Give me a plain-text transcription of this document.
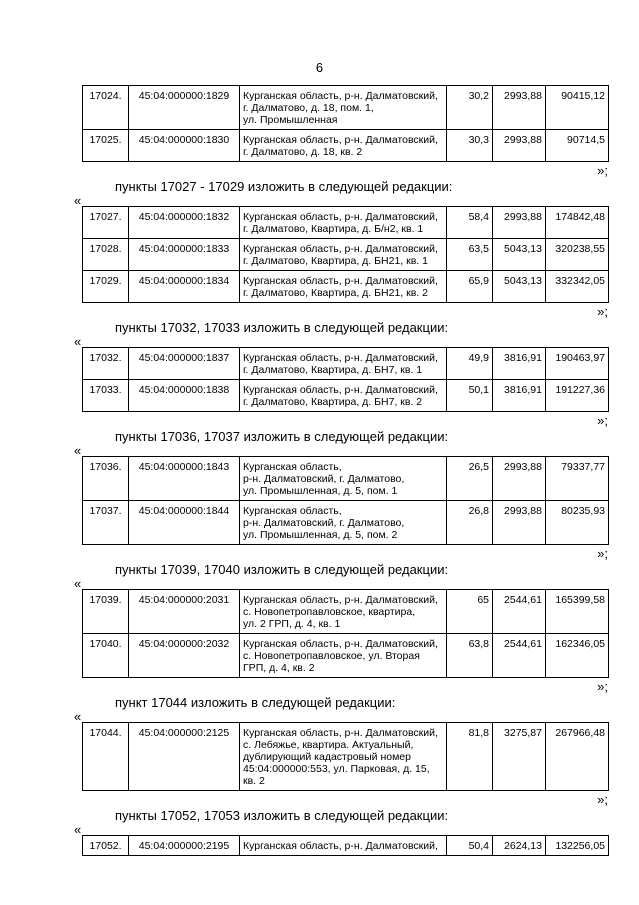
6
17024.	45:04:000000:1829	Курганская область, р-н. Далматовский,
г. Далматово, д. 18, пом. 1,
ул. Промышленная	30,2	2993,88	90415,12
17025.	45:04:000000:1830	Курганская область, р-н. Далматовский,
г. Далматово, д. 18, кв. 2	30,3	2993,88	90714,5
»;
пункты 17027 - 17029 изложить в следующей редакции:
«
17027.	45:04:000000:1832	Курганская область, р-н. Далматовский,
г. Далматово, Квартира, д. Б/н2, кв. 1	58,4	2993,88	174842,48
17028.	45:04:000000:1833	Курганская область, р-н. Далматовский,
г. Далматово, Квартира, д. БН21, кв. 1	63,5	5043,13	320238,55
17029.	45:04:000000:1834	Курганская область, р-н. Далматовский,
г. Далматово, Квартира, д. БН21, кв. 2	65,9	5043,13	332342,05
»;
пункты 17032, 17033 изложить в следующей редакции:
«
17032.	45:04:000000:1837	Курганская область, р-н. Далматовский,
г. Далматово, Квартира, д. БН7, кв. 1	49,9	3816,91	190463,97
17033.	45:04:000000:1838	Курганская область, р-н. Далматовский,
г. Далматово, Квартира, д. БН7, кв. 2	50,1	3816,91	191227,36
»;
пункты 17036, 17037 изложить в следующей редакции:
«
17036.	45:04:000000:1843	Курганская область,
р-н. Далматовский, г. Далматово,
ул. Промышленная, д. 5, пом. 1	26,5	2993,88	79337,77
17037.	45:04:000000:1844	Курганская область,
р-н. Далматовский, г. Далматово,
ул. Промышленная, д. 5, пом. 2	26,8	2993,88	80235,93
»;
пункты 17039, 17040 изложить в следующей редакции:
«
17039.	45:04:000000:2031	Курганская область, р-н. Далматовский,
с. Новопетропавловское, квартира,
ул. 2 ГРП, д. 4, кв. 1	65	2544,61	165399,58
17040.	45:04:000000:2032	Курганская область, р-н. Далматовский,
с. Новопетропавловское, ул. Вторая
ГРП, д. 4, кв. 2	63,8	2544,61	162346,05
»;
пункт 17044 изложить в следующей редакции:
«
17044.	45:04:000000:2125	Курганская область, р-н. Далматовский,
с. Лебяжье, квартира. Актуальный,
дублирующий кадастровый номер
45:04:000000:553, ул. Парковая, д. 15,
кв. 2	81,8	3275,87	267966,48
»;
пункты 17052, 17053 изложить в следующей редакции:
«
17052.	45:04:000000:2195	Курганская область, р-н. Далматовский,	50,4	2624,13	132256,05
